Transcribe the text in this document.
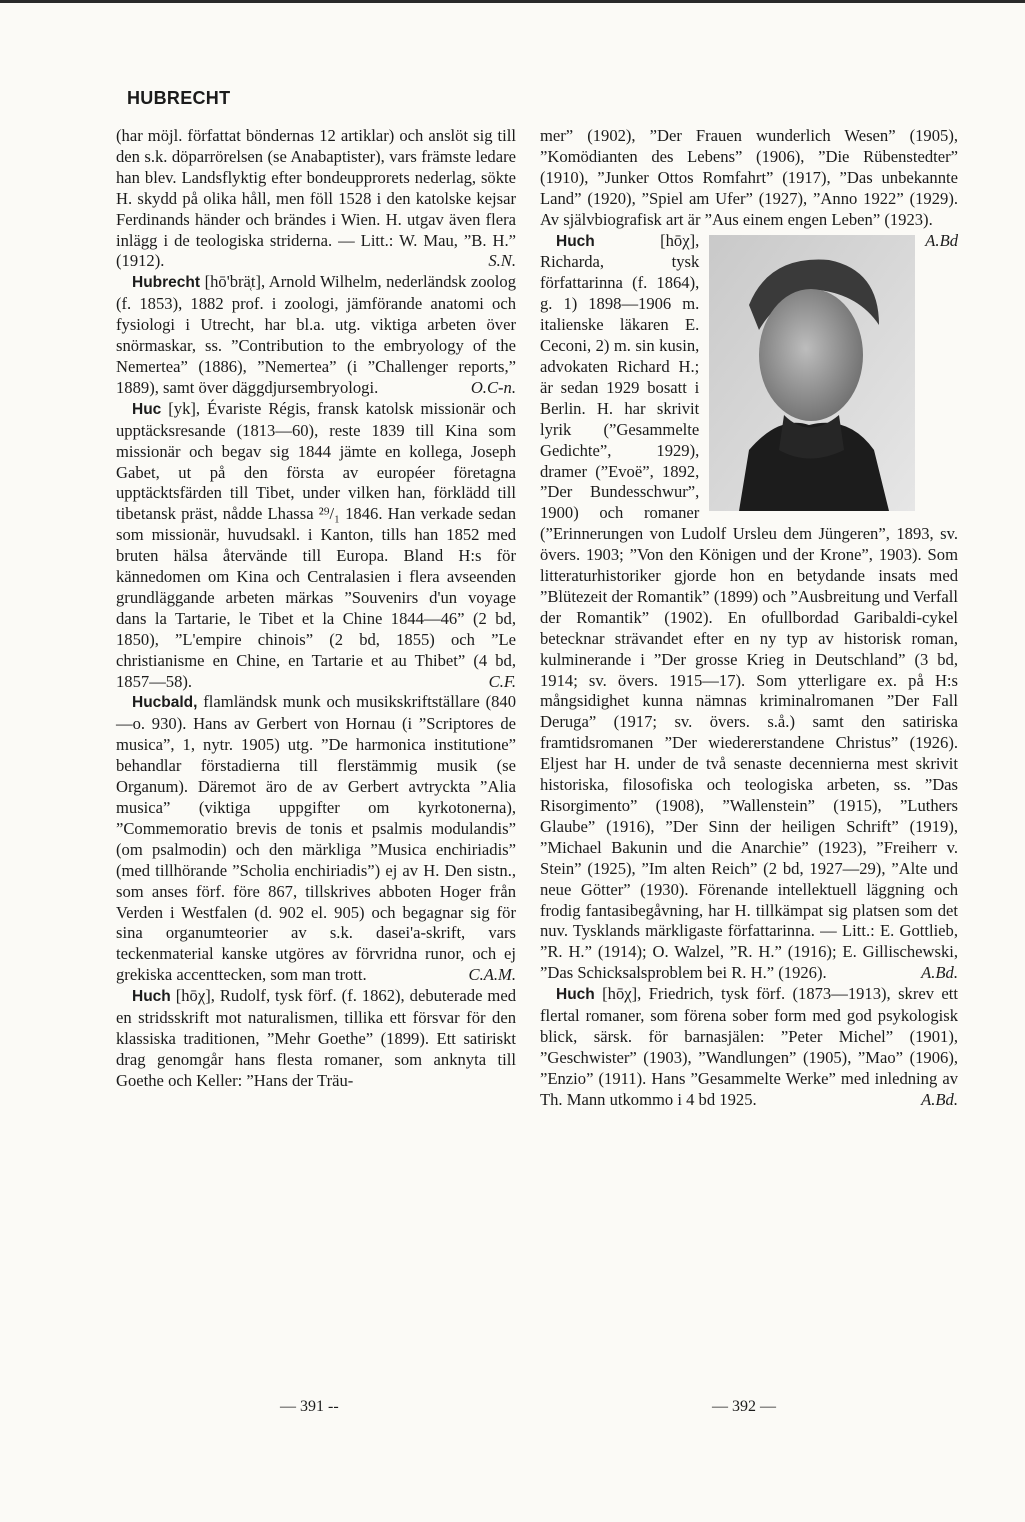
HUBRECHT

(har möjl. författat böndernas 12 artiklar) och anslöt sig till den s.k. döparrörelsen (se Anabaptister), vars främste ledare han blev. Landsflyktig efter bondeupprorets nederlag, sökte H. skydd på olika håll, men föll 1528 i den katolske kejsar Ferdinands händer och brändes i Wien. H. utgav även flera inlägg i de teologiska striderna. — Litt.: W. Mau, ”B. H.” (1912).	S.N.

Hubrecht [hō'brä̜t], Arnold Wilhelm, nederländsk zoolog (f. 1853), 1882 prof. i zoologi, jämförande anatomi och fysiologi i Utrecht, har bl.a. utg. viktiga arbeten över snörmaskar, ss. ”Contribution to the embryology of the Nemertea” (1886), ”Nemertea” (i ”Challenger reports,” 1889), samt över däggdjursembryologi.	O.C-n.

Huc [yk], Évariste Régis, fransk katolsk missionär och upptäcksresande (1813—60), reste 1839 till Kina som missionär och begav sig 1844 jämte en kollega, Joseph Gabet, ut på den första av européer företagna upptäcktsfärden till Tibet, under vilken han, förklädd till tibetansk präst, nådde Lhassa ²⁹/₁ 1846. Han verkade sedan som missionär, huvudsakl. i Kanton, tills han 1852 med bruten hälsa återvände till Europa. Bland H:s för kännedomen om Kina och Centralasien i flera avseenden grundläggande arbeten märkas ”Souvenirs d'un voyage dans la Tartarie, le Tibet et la Chine 1844—46” (2 bd, 1850), ”L'empire chinois” (2 bd, 1855) och ”Le christianisme en Chine, en Tartarie et au Thibet” (4 bd, 1857—58).	C.F.

Hucbald, flamländsk munk och musikskriftställare (840—o. 930). Hans av Gerbert von Hornau (i ”Scriptores de musica”, 1, nytr. 1905) utg. ”De harmonica institutione” behandlar förstadierna till flerstämmig musik (se Organum). Däremot äro de av Gerbert avtryckta ”Alia musica” (viktiga uppgifter om kyrkotonerna), ”Commemoratio brevis de tonis et psalmis modulandis” (om psalmodin) och den märkliga ”Musica enchiriadis” (med tillhörande ”Scholia enchiriadis”) ej av H. Den sistn., som anses förf. före 867, tillskrives abboten Hoger från Verden i Westfalen (d. 902 el. 905) och begagnar sig för sina organumteorier av s.k. dasei'a-skrift, vars teckenmaterial kanske utgöres av förvridna runor, och ej grekiska accenttecken, som man trott.	C.A.M.

Huch [hōχ], Rudolf, tysk förf. (f. 1862), debuterade med en stridsskrift mot naturalismen, tillika ett försvar för den klassiska traditionen, ”Mehr Goethe” (1899). Ett satiriskt drag genomgår hans flesta romaner, som anknyta till Goethe och Keller: ”Hans der Träu-

mer” (1902), ”Der Frauen wunderlich Wesen” (1905), ”Komödianten des Lebens” (1906), ”Die Rübenstedter” (1910), ”Junker Ottos Romfahrt” (1917), ”Das unbekannte Land” (1920), ”Spiel am Ufer” (1927), ”Anno 1922” (1929). Av självbiografisk art är ”Aus einem engen Leben” (1923).
A.Bd

Huch	[hōχ], Richarda, tysk författarinna (f. 1864), g. 1) 1898—1906 m. italienske läkaren E. Ceconi, 2) m. sin kusin, advokaten Richard H.; är sedan 1929 bosatt i Berlin. H. har skrivit lyrik (”Gesammelte Gedichte”, 1929), dramer (”Evoë”, 1892, ”Der Bundesschwur”, 1900) och romaner (”Erinnerungen von Ludolf Ursleu dem Jüngeren”, 1893, sv. övers. 1903; ”Von den Königen und der Krone”, 1903). Som litteraturhistoriker gjorde hon en betydande insats med ”Blütezeit der Romantik” (1899) och ”Ausbreitung und Verfall der Romantik” (1902). En ofullbordad Garibaldi-cykel betecknar strävandet efter en ny typ av historisk roman, kulminerande i ”Der grosse Krieg in Deutschland” (3 bd, 1914; sv. övers. 1915—17). Som ytterligare ex. på H:s mångsidighet kunna nämnas kriminalromanen ”Der Fall Deruga” (1917; sv. övers. s.å.) samt den satiriska framtidsromanen ”Der wiedererstandene Christus” (1926). Eljest har H. under de två senaste decennierna mest skrivit historiska, filosofiska och teologiska arbeten, ss. ”Das Risorgimento” (1908), ”Wallenstein” (1915), ”Luthers Glaube” (1916), ”Der Sinn der heiligen Schrift” (1919), ”Michael Bakunin und die Anarchie” (1923), ”Freiherr v. Stein” (1925), ”Im alten Reich” (2 bd, 1927—29), ”Alte und neue Götter” (1930). Förenande intellektuell läggning och frodig fantasibegåvning, har H. tillkämpat sig platsen som det nuv. Tysklands märkligaste författarinna. — Litt.: E. Gottlieb, ”R. H.” (1914); O. Walzel, ”R. H.” (1916); E. Gillischewski, ”Das Schicksalsproblem bei R. H.” (1926).	A.Bd.

Huch [hōχ], Friedrich, tysk förf. (1873—1913), skrev ett flertal romaner, som förena sober form med god psykologisk blick, särsk. för barnasjälen: ”Peter Michel” (1901), ”Geschwister” (1903), ”Wandlungen” (1905), ”Mao” (1906), ”Enzio” (1911). Hans ”Gesammelte Werke” med inledning av Th. Mann utkommo i 4 bd 1925.	A.Bd.

— 391 --	— 392 —
